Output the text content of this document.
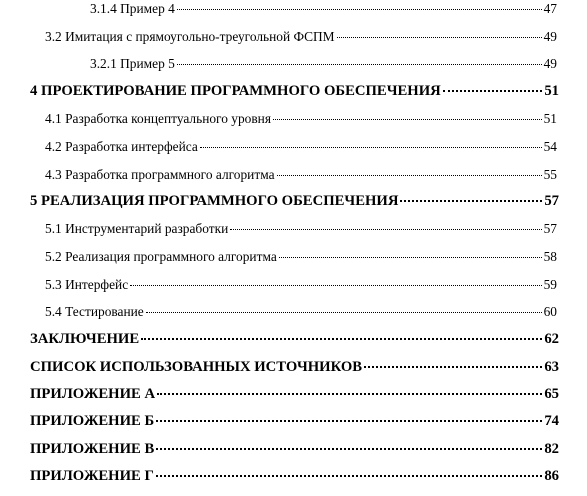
3.1.4 Пример 4	47
3.2 Имитация с прямоугольно-треугольной ФСПМ	49
3.2.1 Пример 5	49
4 ПРОЕКТИРОВАНИЕ ПРОГРАММНОГО ОБЕСПЕЧЕНИЯ	51
4.1 Разработка концептуального уровня	51
4.2 Разработка интерфейса	54
4.3 Разработка программного алгоритма	55
5 РЕАЛИЗАЦИЯ ПРОГРАММНОГО ОБЕСПЕЧЕНИЯ	57
5.1 Инструментарий разработки	57
5.2 Реализация программного алгоритма	58
5.3 Интерфейс	59
5.4 Тестирование	60
ЗАКЛЮЧЕНИЕ	62
СПИСОК ИСПОЛЬЗОВАННЫХ ИСТОЧНИКОВ	63
ПРИЛОЖЕНИЕ А	65
ПРИЛОЖЕНИЕ Б	74
ПРИЛОЖЕНИЕ В	82
ПРИЛОЖЕНИЕ Г	86
